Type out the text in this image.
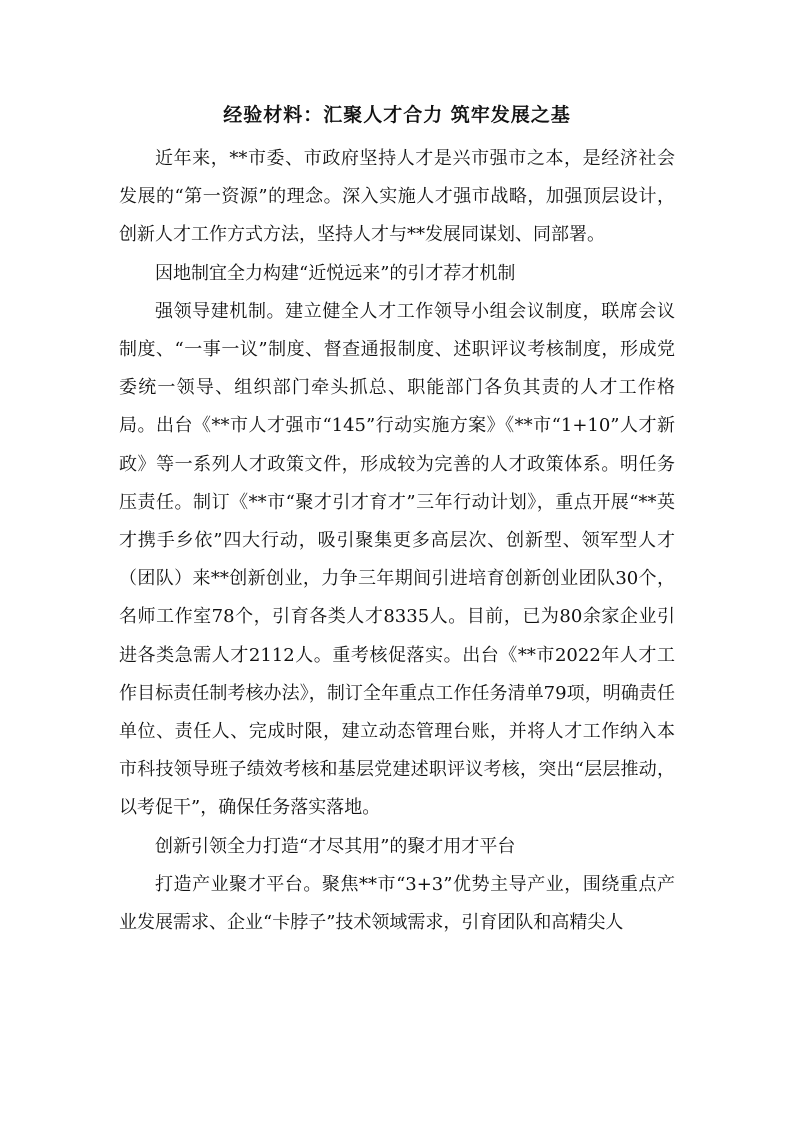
经验材料：汇聚人才合力 筑牢发展之基

近年来，**市委、市政府坚持人才是兴市强市之本，是经济社会发展的“第一资源”的理念。深入实施人才强市战略，加强顶层设计，创新人才工作方式方法，坚持人才与**发展同谋划、同部署。

因地制宜全力构建“近悦远来”的引才荐才机制

强领导建机制。建立健全人才工作领导小组会议制度，联席会议制度、“一事一议”制度、督查通报制度、述职评议考核制度，形成党委统一领导、组织部门牵头抓总、职能部门各负其责的人才工作格局。出台《**市人才强市“145”行动实施方案》《**市“1+10”人才新政》等一系列人才政策文件，形成较为完善的人才政策体系。明任务压责任。制订《**市“聚才引才育才”三年行动计划》，重点开展“**英才携手乡依”四大行动，吸引聚集更多高层次、创新型、领军型人才（团队）来**创新创业，力争三年期间引进培育创新创业团队30个，名师工作室78个，引育各类人才8335人。目前，已为80余家企业引进各类急需人才2112人。重考核促落实。出台《**市2022年人才工作目标责任制考核办法》，制订全年重点工作任务清单79项，明确责任单位、责任人、完成时限，建立动态管理台账，并将人才工作纳入本市科技领导班子绩效考核和基层党建述职评议考核，突出“层层推动，以考促干”，确保任务落实落地。

创新引领全力打造“才尽其用”的聚才用才平台

打造产业聚才平台。聚焦**市“3+3”优势主导产业，围绕重点产业发展需求、企业“卡脖子”技术领域需求，引育团队和高精尖人
